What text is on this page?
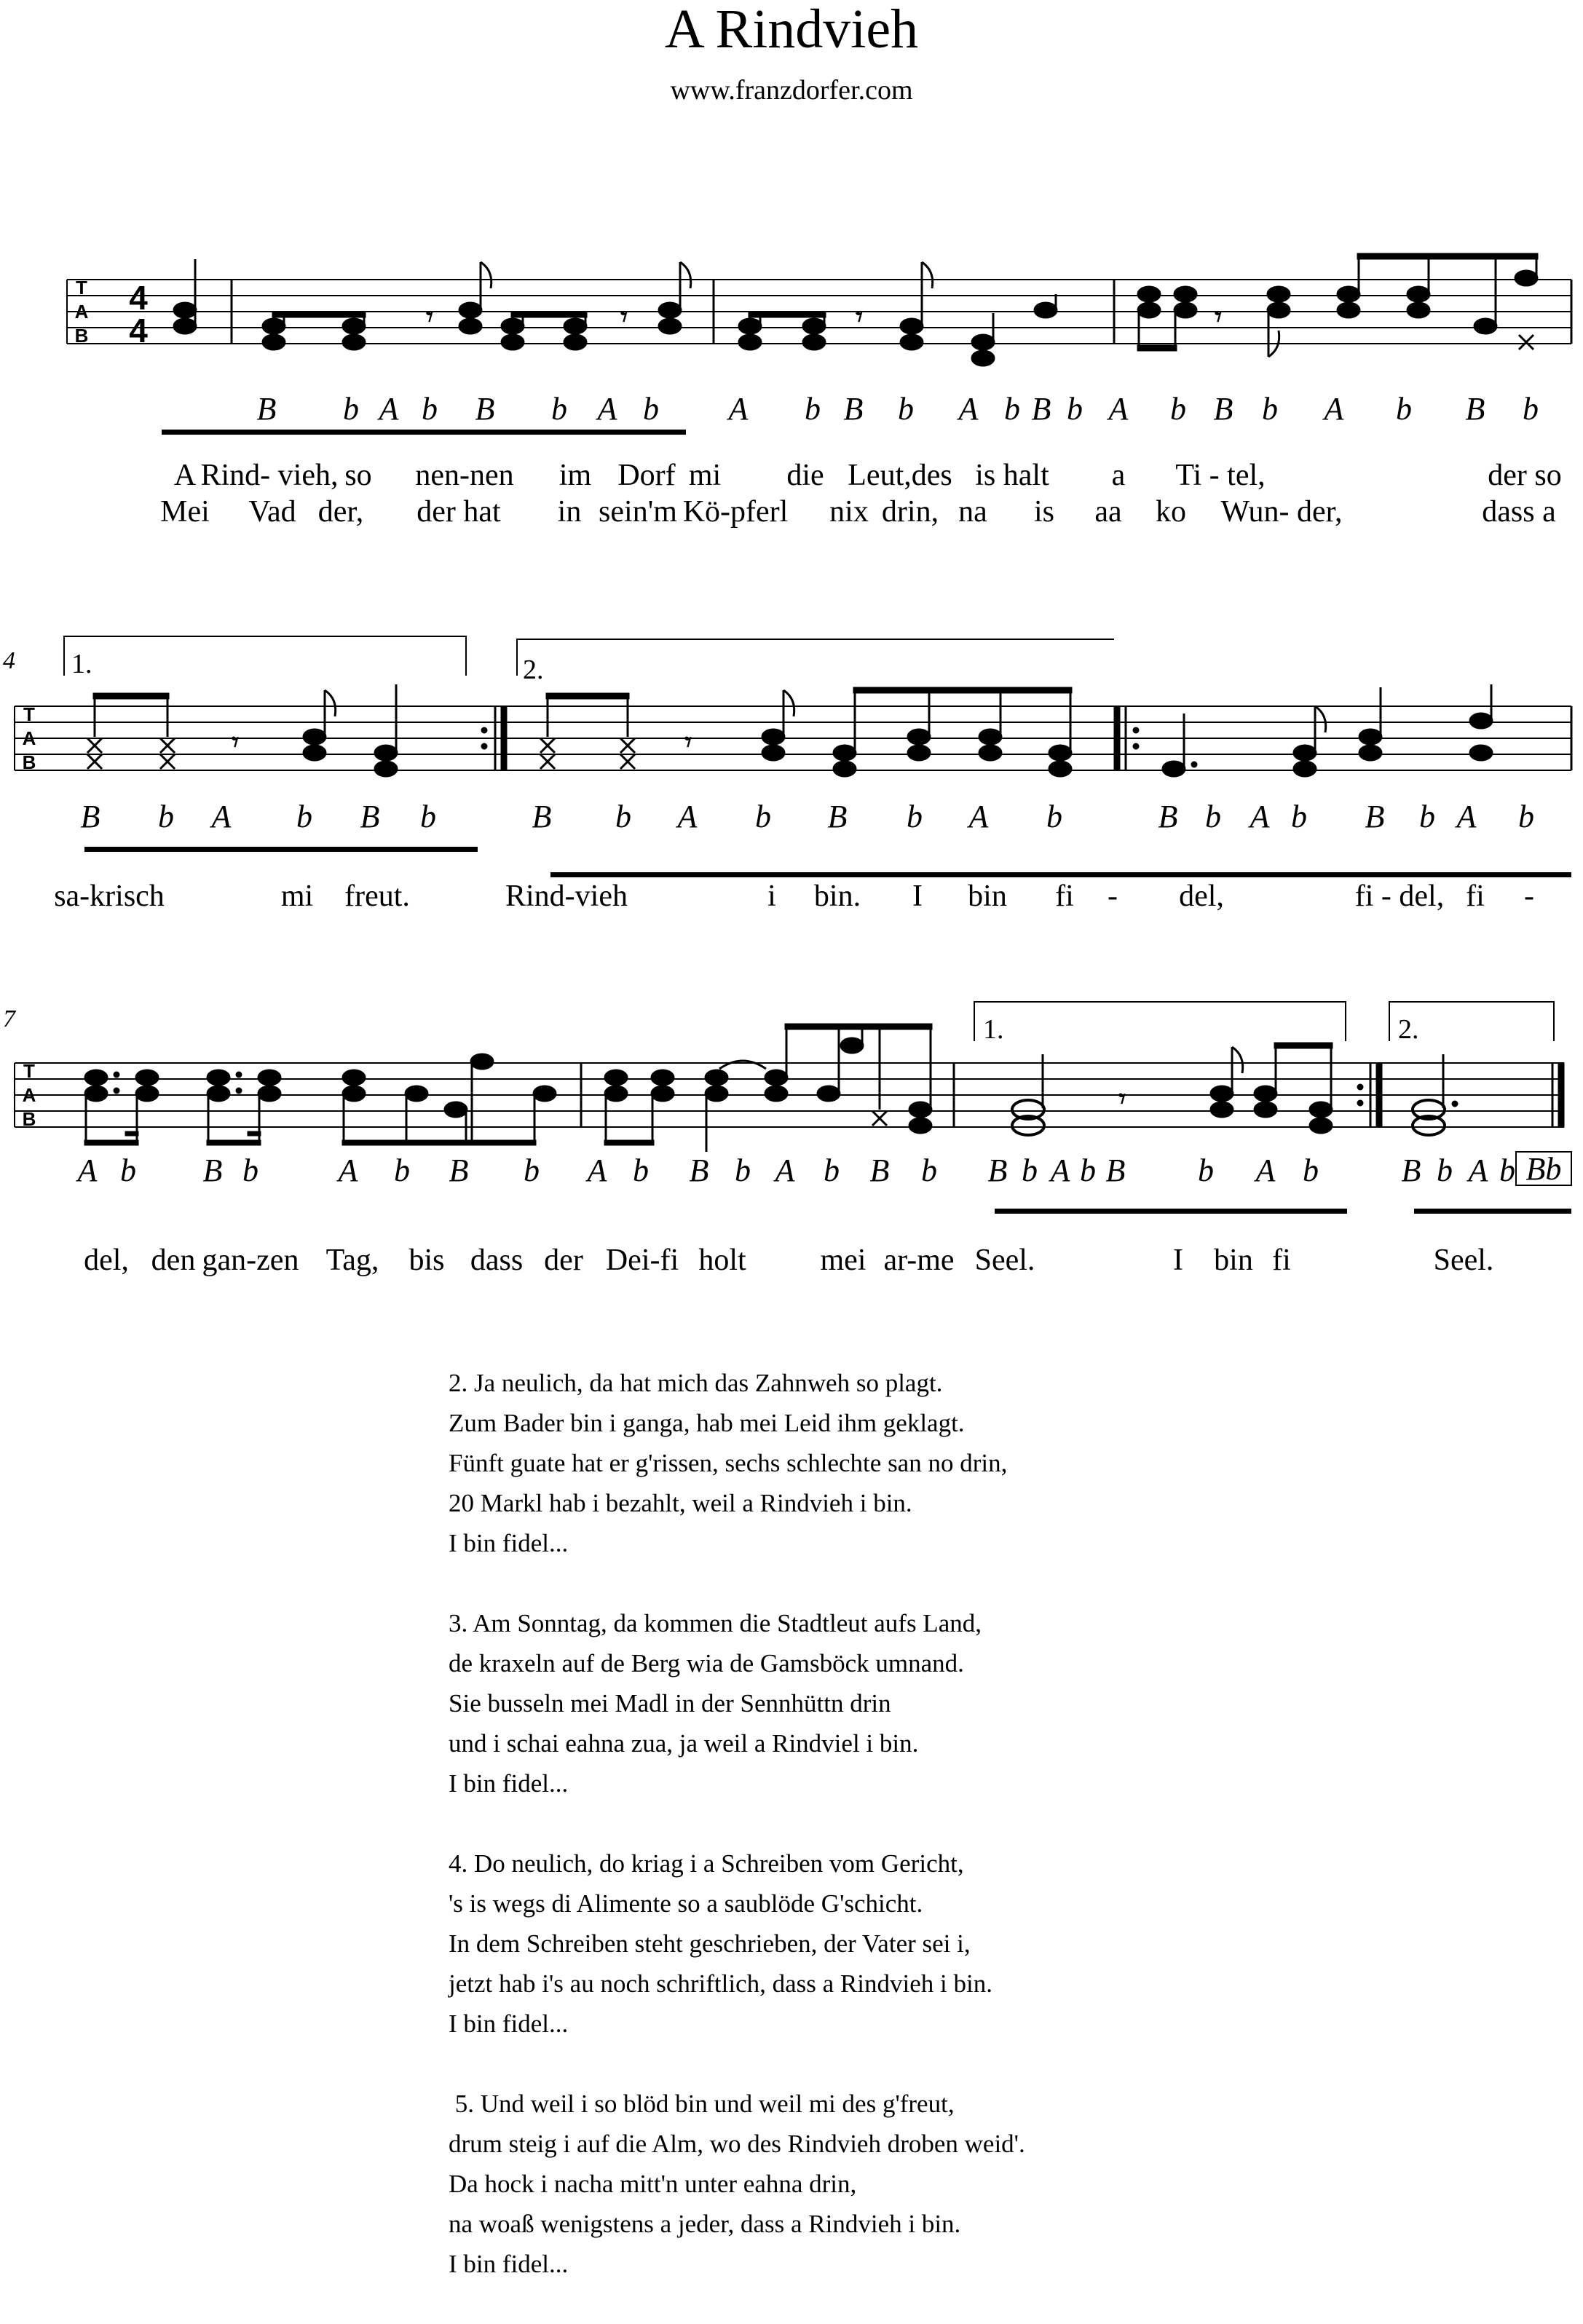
A Rindvieh
www.franzdorfer.com
T
A
B
4
4	𝄾	𝄾	𝄾	𝄾
B b A b B b A b A b B b A b B b A b B b A b B b
A Rind- vieh, so nen-nen im Dorf mi die Leut,des is halt a Ti - tel,	der so
Mei Vad der, der hat in sein'm Kö-pferl nix drin, na is aa ko Wun- der,	dass a
4 1.	2.
T
A
B
𝄾	𝄾
B b A b B b	B b A b B b A b	B b A b B b A b
sa-krisch	mi freut.	Rind-vieh	i bin. I bin fi - del,	fi - del, fi -
7	1.	2.
T
A
B
𝄾
A b B b A b B b A b B b A b B b B b A b B b A b	B b A b Bb
del, den gan-zen Tag, bis dass der Dei-fi holt mei ar-me Seel.	I bin fi	Seel.
2. Ja neulich, da hat mich das Zahnweh so plagt.
Zum Bader bin i ganga, hab mei Leid ihm geklagt.
Fünft guate hat er g'rissen, sechs schlechte san no drin,
20 Markl hab i bezahlt, weil a Rindvieh i bin.
I bin fidel...
3. Am Sonntag, da kommen die Stadtleut aufs Land,
de kraxeln auf de Berg wia de Gamsböck umnand.
Sie busseln mei Madl in der Sennhüttn drin
und i schai eahna zua, ja weil a Rindviel i bin.
I bin fidel...
4. Do neulich, do kriag i a Schreiben vom Gericht,
's is wegs di Alimente so a saublöde G'schicht.
In dem Schreiben steht geschrieben, der Vater sei i,
jetzt hab i's au noch schriftlich, dass a Rindvieh i bin.
I bin fidel...
5. Und weil i so blöd bin und weil mi des g'freut,
drum steig i auf die Alm, wo des Rindvieh droben weid'.
Da hock i nacha mitt'n unter eahna drin,
na woaß wenigstens a jeder, dass a Rindvieh i bin.
I bin fidel...
